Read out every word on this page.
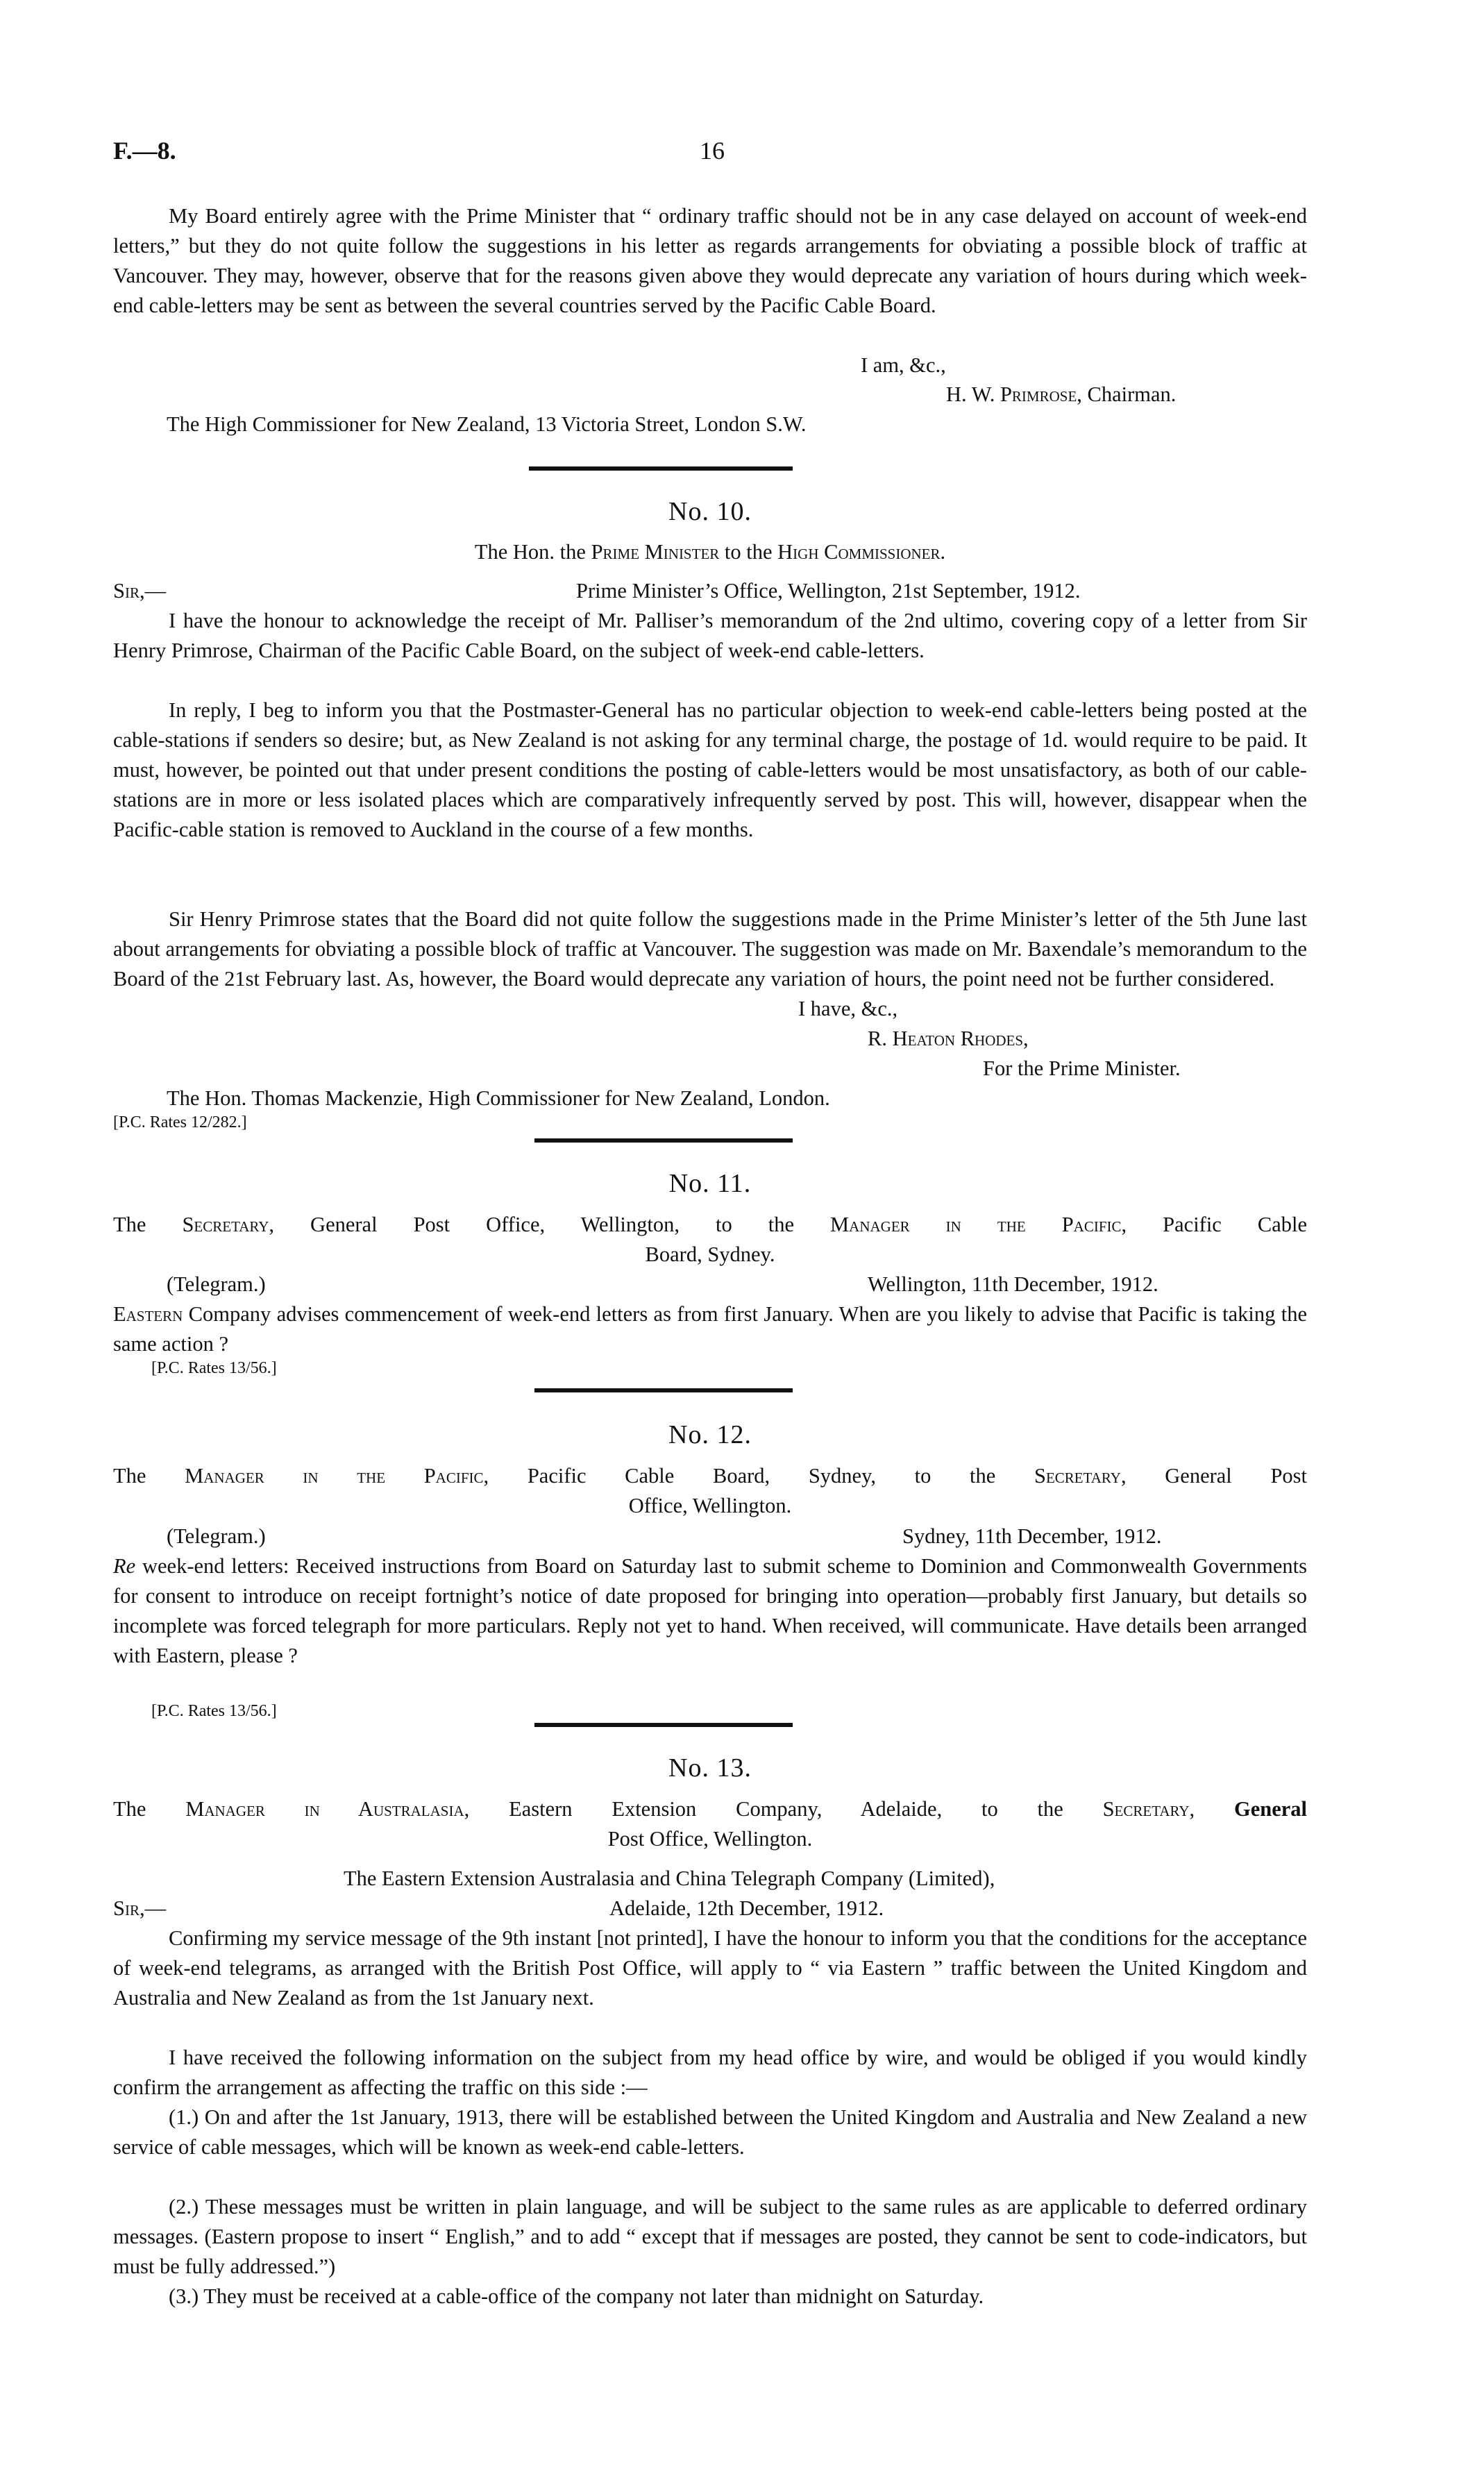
F.—8.	16
My Board entirely agree with the Prime Minister that “ ordinary traffic should not be in any case delayed on account of week-end letters,” but they do not quite follow the suggestions in his letter as regards arrangements for obviating a possible block of traffic at Vancouver. They may, however, observe that for the reasons given above they would deprecate any variation of hours during which week-end cable-letters may be sent as between the several countries served by the Pacific Cable Board.
I am, &c.,
H. W. Primrose, Chairman.
The High Commissioner for New Zealand, 13 Victoria Street, London S.W.
No. 10.
The Hon. the Prime Minister to the High Commissioner.
Sir,—	Prime Minister’s Office, Wellington, 21st September, 1912.
I have the honour to acknowledge the receipt of Mr. Palliser’s memorandum of the 2nd ultimo, covering copy of a letter from Sir Henry Primrose, Chairman of the Pacific Cable Board, on the subject of week-end cable-letters.
In reply, I beg to inform you that the Postmaster-General has no particular objection to week-end cable-letters being posted at the cable-stations if senders so desire; but, as New Zealand is not asking for any terminal charge, the postage of 1d. would require to be paid. It must, however, be pointed out that under present conditions the posting of cable-letters would be most unsatisfactory, as both of our cable-stations are in more or less isolated places which are comparatively infrequently served by post. This will, however, disappear when the Pacific-cable station is removed to Auckland in the course of a few months.
Sir Henry Primrose states that the Board did not quite follow the suggestions made in the Prime Minister’s letter of the 5th June last about arrangements for obviating a possible block of traffic at Vancouver. The suggestion was made on Mr. Baxendale’s memorandum to the Board of the 21st February last. As, however, the Board would deprecate any variation of hours, the point need not be further considered.
I have, &c.,
R. Heaton Rhodes,
For the Prime Minister.
The Hon. Thomas Mackenzie, High Commissioner for New Zealand, London.
[P.C. Rates 12/282.]
No. 11.
The Secretary, General Post Office, Wellington, to the Manager in the Pacific, Pacific Cable
Board, Sydney.
(Telegram.)	Wellington, 11th December, 1912.
Eastern Company advises commencement of week-end letters as from first January. When are you likely to advise that Pacific is taking the same action ?
[P.C. Rates 13/56.]
No. 12.
The Manager in the Pacific, Pacific Cable Board, Sydney, to the Secretary, General Post
Office, Wellington.
(Telegram.)	Sydney, 11th December, 1912.
Re week-end letters: Received instructions from Board on Saturday last to submit scheme to Dominion and Commonwealth Governments for consent to introduce on receipt fortnight’s notice of date proposed for bringing into operation—probably first January, but details so incomplete was forced telegraph for more particulars. Reply not yet to hand. When received, will communicate. Have details been arranged with Eastern, please ?
[P.C. Rates 13/56.]
No. 13.
The Manager in Australasia, Eastern Extension Company, Adelaide, to the Secretary, General
Post Office, Wellington.
The Eastern Extension Australasia and China Telegraph Company (Limited),
Sir,—	Adelaide, 12th December, 1912.
Confirming my service message of the 9th instant [not printed], I have the honour to inform you that the conditions for the acceptance of week-end telegrams, as arranged with the British Post Office, will apply to “ via Eastern ” traffic between the United Kingdom and Australia and New Zealand as from the 1st January next.
I have received the following information on the subject from my head office by wire, and would be obliged if you would kindly confirm the arrangement as affecting the traffic on this side :—
(1.) On and after the 1st January, 1913, there will be established between the United Kingdom and Australia and New Zealand a new service of cable messages, which will be known as week-end cable-letters.
(2.) These messages must be written in plain language, and will be subject to the same rules as are applicable to deferred ordinary messages. (Eastern propose to insert “ English,” and to add “ except that if messages are posted, they cannot be sent to code-indicators, but must be fully addressed.”)
(3.) They must be received at a cable-office of the company not later than midnight on Saturday.
